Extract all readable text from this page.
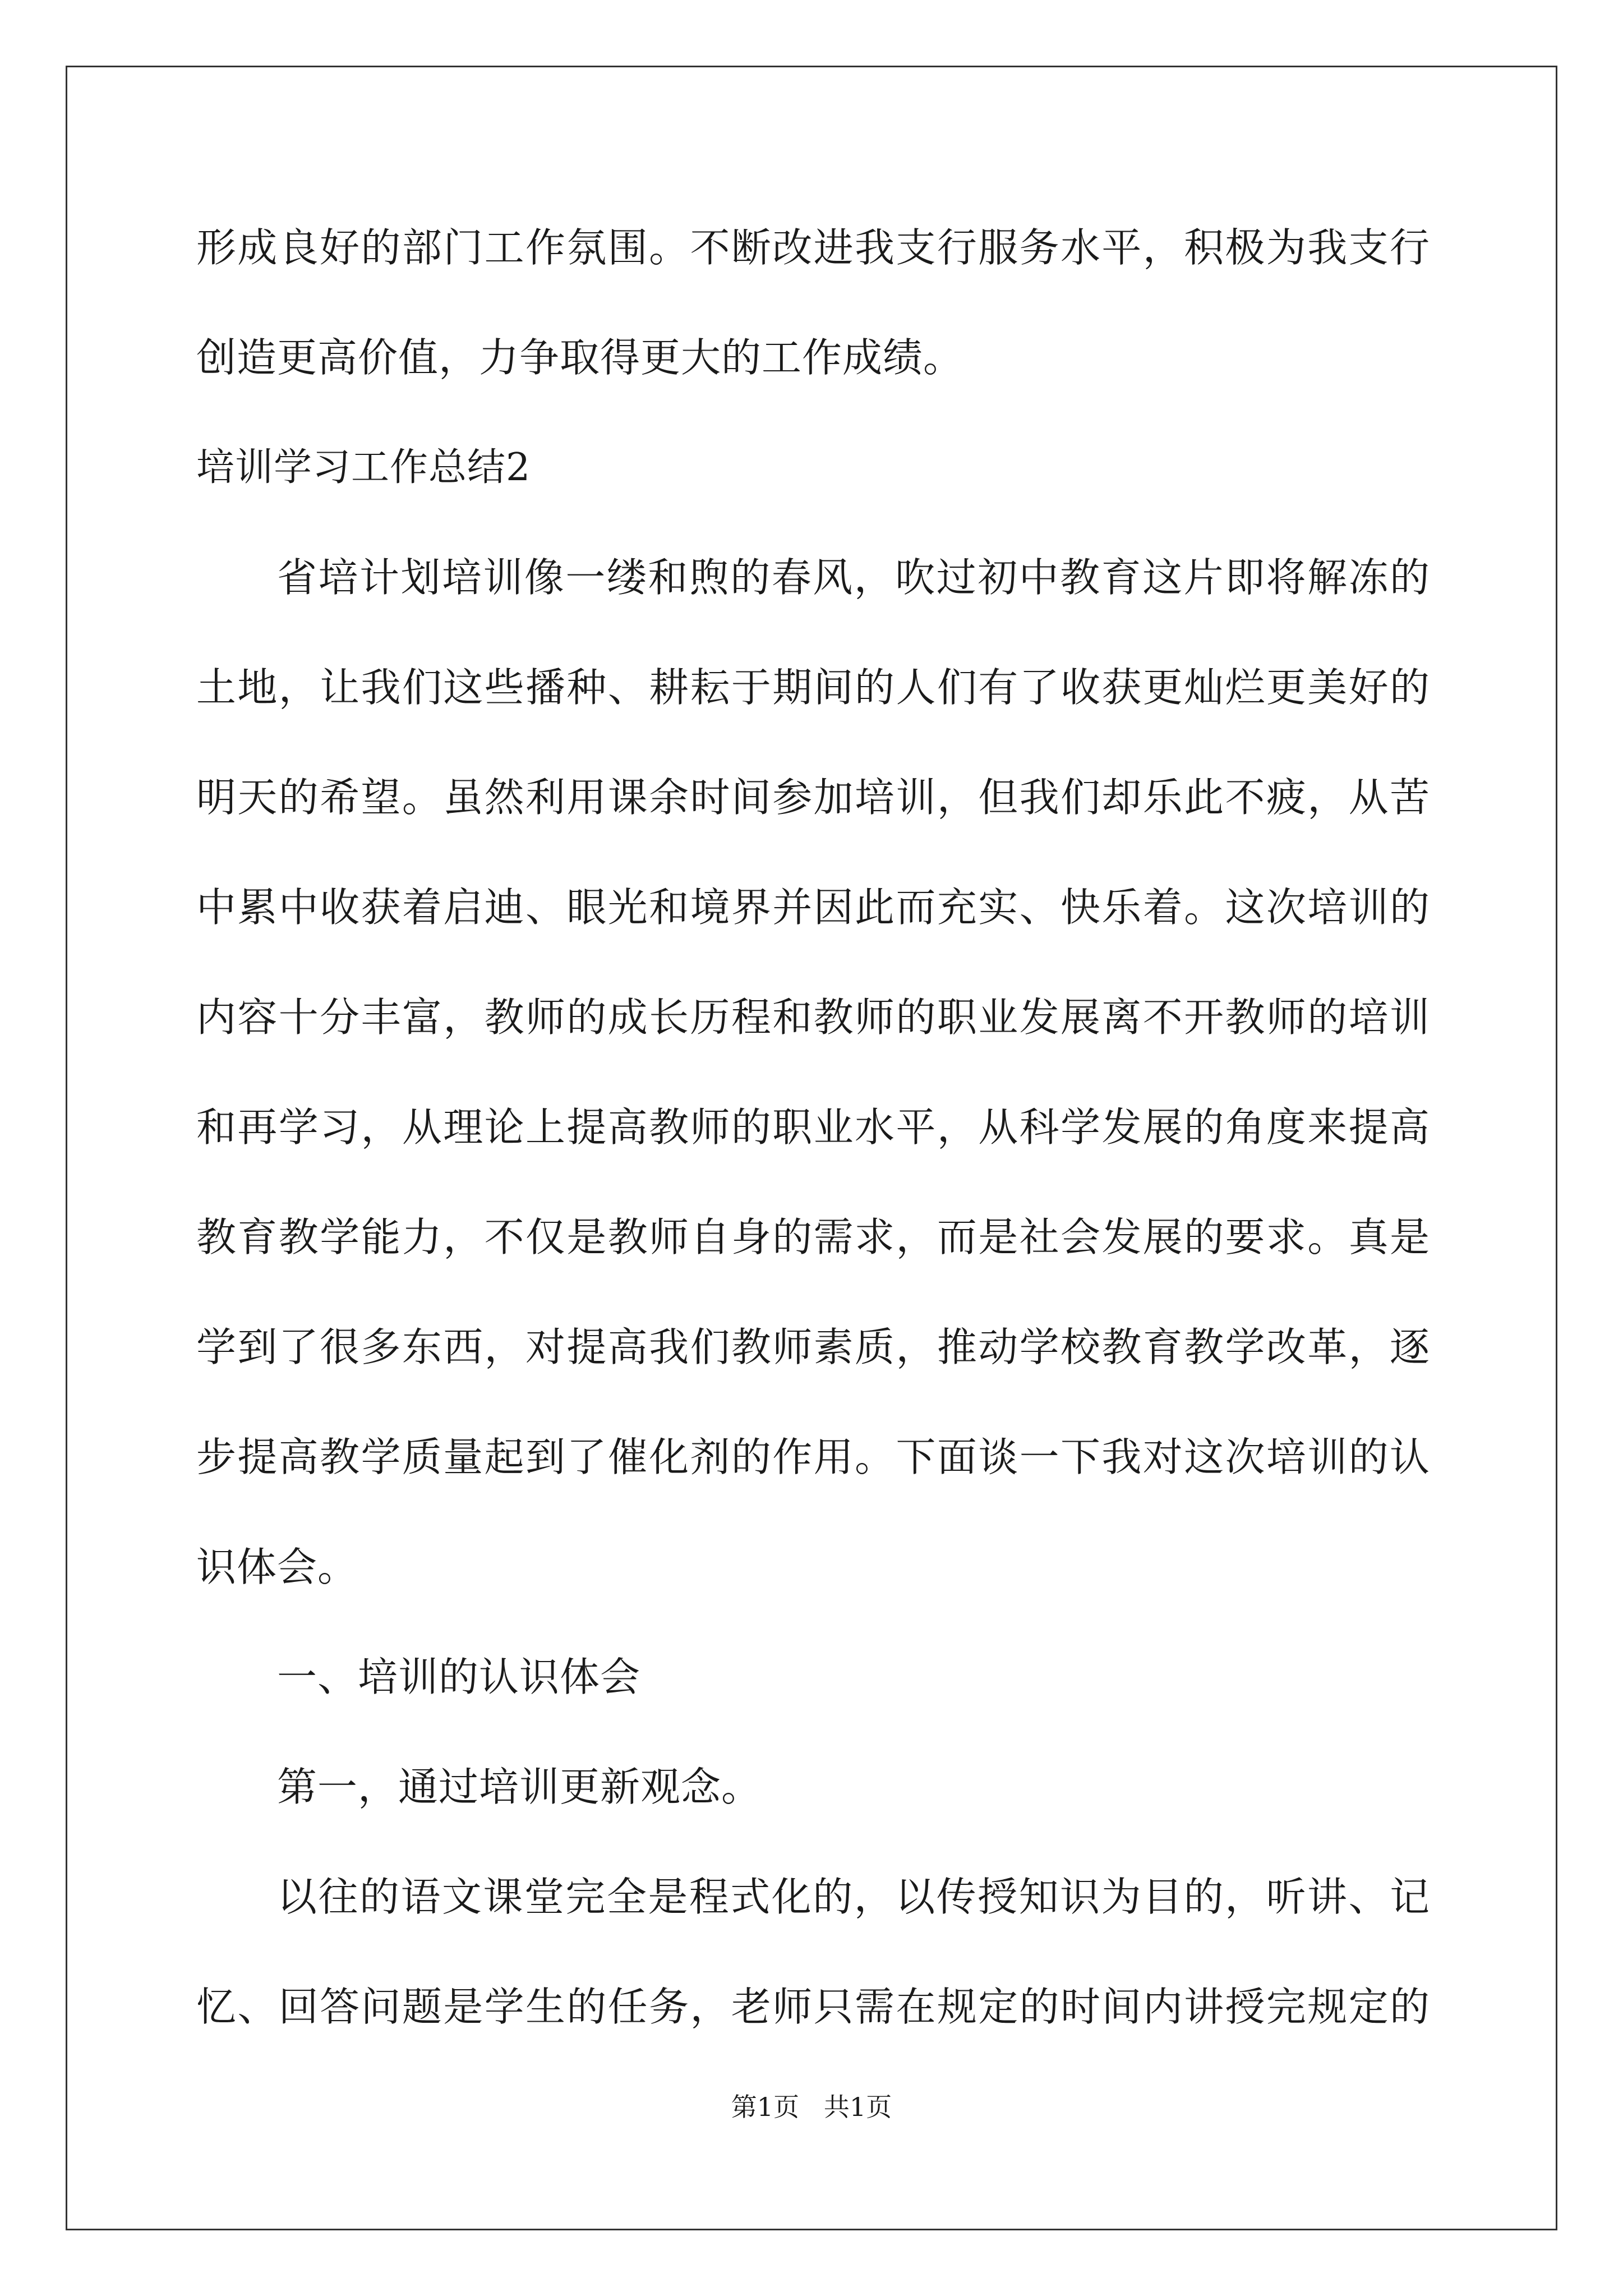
形成良好的部门工作氛围。不断改进我支行服务水平，积极为我支行
创造更高价值，力争取得更大的工作成绩。
培训学习工作总结2
省培计划培训像一缕和煦的春风，吹过初中教育这片即将解冻的
土地，让我们这些播种、耕耘于期间的人们有了收获更灿烂更美好的
明天的希望。虽然利用课余时间参加培训，但我们却乐此不疲，从苦
中累中收获着启迪、眼光和境界并因此而充实、快乐着。这次培训的
内容十分丰富，教师的成长历程和教师的职业发展离不开教师的培训
和再学习，从理论上提高教师的职业水平，从科学发展的角度来提高
教育教学能力，不仅是教师自身的需求，而是社会发展的要求。真是
学到了很多东西，对提高我们教师素质，推动学校教育教学改革，逐
步提高教学质量起到了催化剂的作用。下面谈一下我对这次培训的认
识体会。
一、培训的认识体会
第一，通过培训更新观念。
以往的语文课堂完全是程式化的，以传授知识为目的，听讲、记
忆、回答问题是学生的任务，老师只需在规定的时间内讲授完规定的
第1页   共1页
